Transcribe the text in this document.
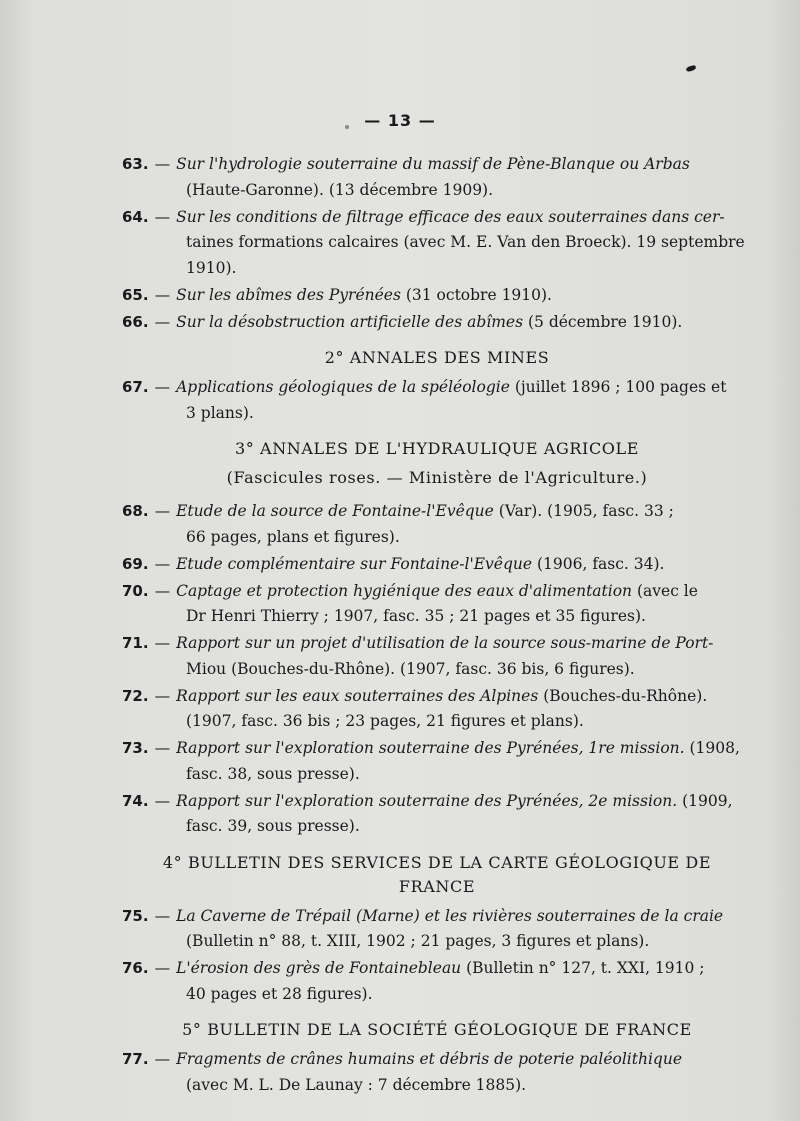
— 13 —
63. — Sur l'hydrologie souterraine du massif de Pène-Blanque ou Arbas
(Haute-Garonne). (13 décembre 1909).
64. — Sur les conditions de filtrage efficace des eaux souterraines dans cer-
taines formations calcaires (avec M. E. Van den Broeck). 19 septembre 1910).
65. — Sur les abîmes des Pyrénées (31 octobre 1910).
66. — Sur la désobstruction artificielle des abîmes (5 décembre 1910).
2° ANNALES DES MINES
67. — Applications géologiques de la spéléologie (juillet 1896 ; 100 pages et
3 plans).
3° ANNALES DE L'HYDRAULIQUE AGRICOLE
(Fascicules roses. — Ministère de l'Agriculture.)
68. — Etude de la source de Fontaine-l'Evêque (Var). (1905, fasc. 33 ;
66 pages, plans et figures).
69. — Etude complémentaire sur Fontaine-l'Evêque (1906, fasc. 34).
70. — Captage et protection hygiénique des eaux d'alimentation (avec le
Dr Henri Thierry ; 1907, fasc. 35 ; 21 pages et 35 figures).
71. — Rapport sur un projet d'utilisation de la source sous-marine de Port-
Miou (Bouches-du-Rhône). (1907, fasc. 36 bis, 6 figures).
72. — Rapport sur les eaux souterraines des Alpines (Bouches-du-Rhône).
(1907, fasc. 36 bis ; 23 pages, 21 figures et plans).
73. — Rapport sur l'exploration souterraine des Pyrénées, 1re mission. (1908,
fasc. 38, sous presse).
74. — Rapport sur l'exploration souterraine des Pyrénées, 2e mission. (1909,
fasc. 39, sous presse).
4° BULLETIN DES SERVICES DE LA CARTE GÉOLOGIQUE DE FRANCE
75. — La Caverne de Trépail (Marne) et les rivières souterraines de la craie
(Bulletin n° 88, t. XIII, 1902 ; 21 pages, 3 figures et plans).
76. — L'érosion des grès de Fontainebleau (Bulletin n° 127, t. XXI, 1910 ;
40 pages et 28 figures).
5° BULLETIN DE LA SOCIÉTÉ GÉOLOGIQUE DE FRANCE
77. — Fragments de crânes humains et débris de poterie paléolithique
(avec M. L. De Launay : 7 décembre 1885).
